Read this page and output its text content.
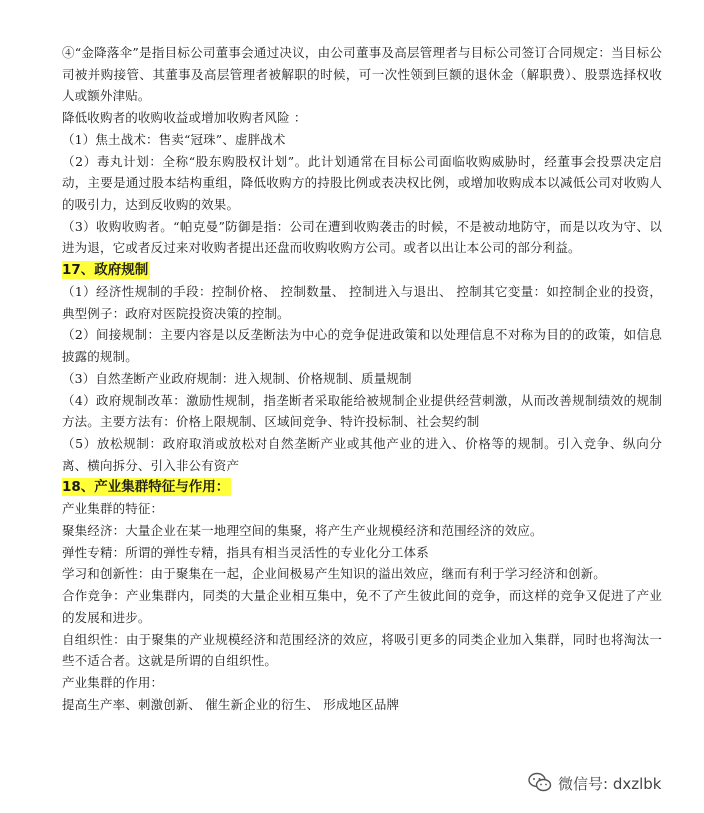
④“金降落伞”是指目标公司董事会通过决议，由公司董事及高层管理者与目标公司签订合同规定：当目标公司被并购接管、其董事及高层管理者被解职的时候，可一次性领到巨额的退休金（解职费）、股票选择权收人或额外津贴。

降低收购者的收购收益或增加收购者风险 ：

（1）焦土战术：售卖“冠珠”、虚胖战术

（2）毒丸计划：全称“股东购股权计划”。此计划通常在目标公司面临收购威胁时，经董事会投票决定启动，主要是通过股本结构重组，降低收购方的持股比例或表决权比例，或增加收购成本以减低公司对收购人的吸引力，达到反收购的效果。

（3）收购收购者。“帕克曼”防御是指：公司在遭到收购袭击的时候，不是被动地防守，而是以攻为守、以进为退，它或者反过来对收购者提出还盘而收购收购方公司。或者以出让本公司的部分利益。

17、政府规制

（1）经济性规制的手段：控制价格、 控制数量、 控制进入与退出、 控制其它变量：如控制企业的投资，典型例子：政府对医院投资决策的控制。

（2）间接规制：主要内容是以反垄断法为中心的竞争促进政策和以处理信息不对称为目的的政策，如信息披露的规制。

（3）自然垄断产业政府规制：进入规制、价格规制、质量规制

（4）政府规制改革：激励性规制，指垄断者采取能给被规制企业提供经营刺激，从而改善规制绩效的规制方法。主要方法有：价格上限规制、区域间竞争、特许投标制、社会契约制

（5）放松规制：政府取消或放松对自然垄断产业或其他产业的进入、价格等的规制。引入竞争、纵向分离、横向拆分、引入非公有资产

18、产业集群特征与作用：

产业集群的特征：

聚集经济：大量企业在某一地理空间的集聚，将产生产业规模经济和范围经济的效应。

弹性专精：所谓的弹性专精，指具有相当灵活性的专业化分工体系

学习和创新性：由于聚集在一起，企业间极易产生知识的溢出效应，继而有利于学习经济和创新。

合作竞争：产业集群内，同类的大量企业相互集中，免不了产生彼此间的竞争，而这样的竞争又促进了产业的发展和进步。

自组织性：由于聚集的产业规模经济和范围经济的效应，将吸引更多的同类企业加入集群，同时也将淘汰一些不适合者。这就是所谓的自组织性。

产业集群的作用：

提高生产率、刺激创新、 催生新企业的衍生、 形成地区品牌

微信号: dxzlbk
